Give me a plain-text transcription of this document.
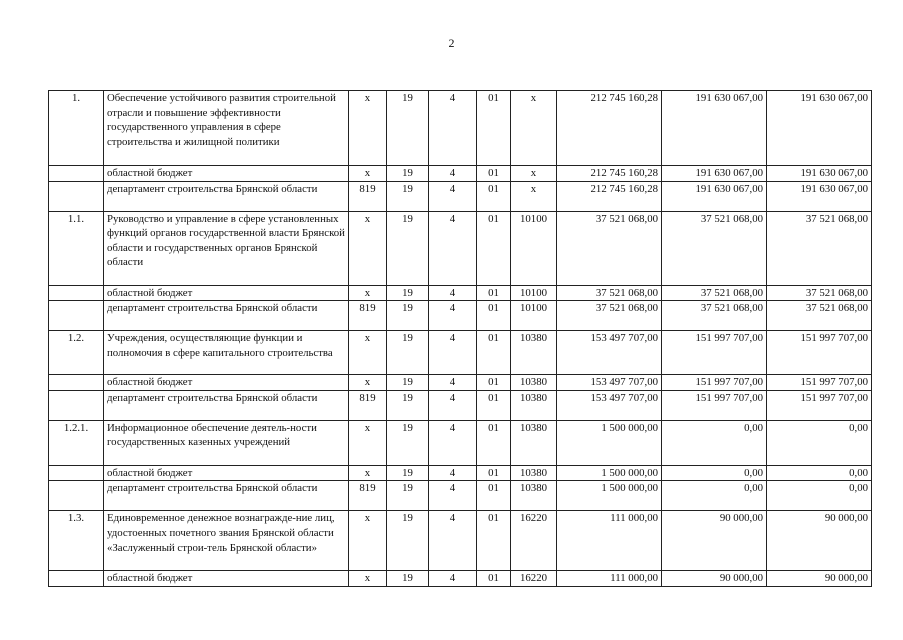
2
1.	Обеспечение устойчивого развития строительной отрасли и повышение эффективности государственного управления в сфере строительства и жилищной политики	х	19	4	01	х	212 745 160,28	191 630 067,00	191 630 067,00
	областной бюджет	х	19	4	01	х	212 745 160,28	191 630 067,00	191 630 067,00
	департамент строительства Брянской области	819	19	4	01	х	212 745 160,28	191 630 067,00	191 630 067,00
1.1.	Руководство и управление в сфере установленных функций органов государственной власти Брянской области и государственных органов Брянской области	х	19	4	01	10100	37 521 068,00	37 521 068,00	37 521 068,00
	областной бюджет	х	19	4	01	10100	37 521 068,00	37 521 068,00	37 521 068,00
	департамент строительства Брянской области	819	19	4	01	10100	37 521 068,00	37 521 068,00	37 521 068,00
1.2.	Учреждения, осуществляющие функции и полномочия в сфере капитального строительства	х	19	4	01	10380	153 497 707,00	151 997 707,00	151 997 707,00
	областной бюджет	х	19	4	01	10380	153 497 707,00	151 997 707,00	151 997 707,00
	департамент строительства Брянской области	819	19	4	01	10380	153 497 707,00	151 997 707,00	151 997 707,00
1.2.1.	Информационное обеспечение деятель-ности государственных казенных учреждений	х	19	4	01	10380	1 500 000,00	0,00	0,00
	областной бюджет	х	19	4	01	10380	1 500 000,00	0,00	0,00
	департамент строительства Брянской области	819	19	4	01	10380	1 500 000,00	0,00	0,00
1.3.	Единовременное денежное вознагражде-ние лиц, удостоенных почетного звания Брянской области «Заслуженный строи-тель Брянской области»	х	19	4	01	16220	111 000,00	90 000,00	90 000,00
	областной бюджет	х	19	4	01	16220	111 000,00	90 000,00	90 000,00
